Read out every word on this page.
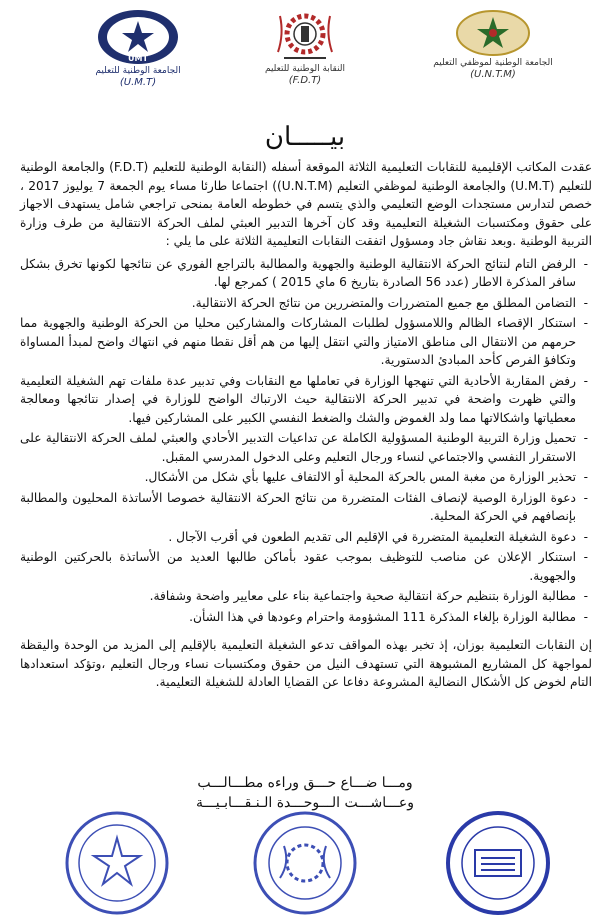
UMT
الجامعة الوطنية للتعليم
(U.M.T)
النقابة الوطنية للتعليم
(F.D.T)
الجامعة الوطنية لموظفي التعليم
(U.N.T.M)
بيـــــان

عقدت المكاتب الإقليمية للنقابات التعليمية الثلاثة الموقعة أسفله (النقابة الوطنية للتعليم (F.D.T) والجامعة الوطنية للتعليم (U.M.T) والجامعة الوطنية لموظفي التعليم (U.N.T.M)) اجتماعا طارئا مساء يوم الجمعة 7 يوليوز 2017 ، خصص لتدارس مستجدات الوضع التعليمي والذي يتسم في خطوطه العامة بمنحى تراجعي شامل يستهدف الاجهاز على حقوق ومكتسبات الشغيلة التعليمية وقد كان آخرها التدبير العبثي لملف الحركة الانتقالية من طرف وزارة التربية الوطنية .وبعد نقاش جاد ومسؤول اتفقت النقابات التعليمية الثلاثة على ما يلي :

- الرفض التام لنتائج الحركة الانتقالية الوطنية والجهوية والمطالبة بالتراجع الفوري عن نتائجها لكونها تخرق بشكل سافر المذكرة الاطار (عدد 56 الصادرة بتاريخ 6 ماي 2015 ) كمرجع لها.
- التضامن المطلق مع جميع المتضررات والمتضررين من نتائج الحركة الانتقالية.
- استنكار الإقصاء الظالم واللامسؤول لطلبات المشاركات والمشاركين محليا من الحركة الوطنية والجهوية مما حرمهم من الانتقال الى مناطق الامتياز والتي انتقل إليها من هم أقل نقطا منهم في انتهاك واضح لمبدأ المساواة وتكافؤ الفرص كأحد المبادئ الدستورية.
- رفض المقاربة الأحادية التي تنهجها الوزارة في تعاملها مع النقابات وفي تدبير عدة ملفات تهم الشغيلة التعليمية والتي ظهرت واضحة في تدبير الحركة الانتقالية حيث الارتباك الواضح للوزارة في إصدار نتائجها ومعالجة معطياتها واشكالاتها مما ولد الغموض والشك والضغط النفسي الكبير على المشاركين فيها.
- تحميل وزارة التربية الوطنية المسؤولية الكاملة عن تداعيات التدبير الأحادي والعبثي لملف الحركة الانتقالية على الاستقرار النفسي والاجتماعي لنساء ورجال التعليم وعلى الدخول المدرسي المقبل.
- تحذير الوزارة من مغبة المس بالحركة المحلية أو الالتفاف عليها بأي شكل من الأشكال.
- دعوة الوزارة الوصية لإنصاف الفئات المتضررة من نتائج الحركة الانتقالية خصوصا الأساتذة المحليون والمطالبة بإنصافهم في الحركة المحلية.
- دعوة الشغيلة التعليمية المتضررة في الإقليم الى تقديم الطعون في أقرب الآجال .
- استنكار الإعلان عن مناصب للتوظيف بموجب عقود بأماكن طالبها العديد من الأساتذة بالحركتين الوطنية والجهوية.
- مطالبة الوزارة بتنظيم حركة انتقالية صحية واجتماعية بناء على معايير واضحة وشفافة.
- مطالبة الوزارة بإلغاء المذكرة 111 المشؤومة واحترام وعودها في هذا الشأن.

إن النقابات التعليمية بوزان، إذ تخبر بهذه المواقف تدعو الشغيلة التعليمية بالإقليم إلى المزيد من الوحدة واليقظة لمواجهة كل المشاريع المشبوهة التي تستهدف النيل من حقوق ومكتسبات نساء ورجال التعليم ،وتؤكد استعدادها التام لخوض كل الأشكال النضالية المشروعة دفاعا عن القضايا العادلة للشغيلة التعليمية.

ومـــا ضـــاع حـــق وراءه مطـــالـــب
وعـــاشـــت الـــوحـــدة الـنـقـــابـيـــة
